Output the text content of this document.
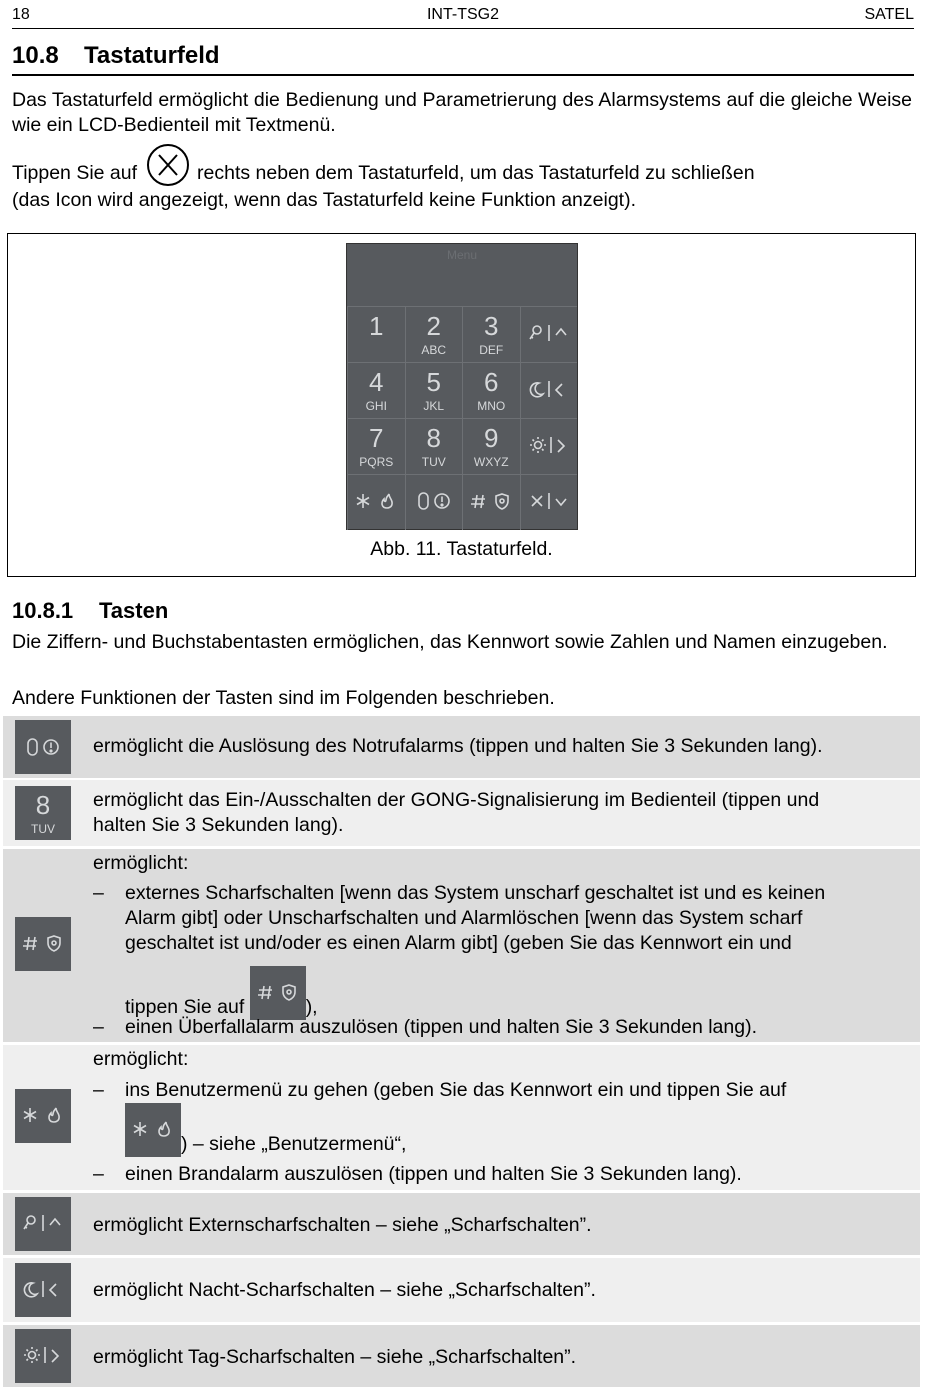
18	INT-TSG2	SATEL
10.8 Tastaturfeld
Das Tastaturfeld ermöglicht die Bedienung und Parametrierung des Alarmsystems auf die gleiche Weise wie ein LCD-Bedienteil mit Textmenü.
Tippen Sie auf	rechts neben dem Tastaturfeld, um das Tastaturfeld zu schließen
(das Icon wird angezeigt, wenn das Tastaturfeld keine Funktion anzeigt).
Menu
1	2
ABC
3
DEF
4
GHI
5
JKL
6
MNO
7
PQRS
8
TUV
9
WXYZ
Abb. 11. Tastaturfeld.
10.8.1 Tasten
Die Ziffern- und Buchstabentasten ermöglichen, das Kennwort sowie Zahlen und Namen einzugeben.
Andere Funktionen der Tasten sind im Folgenden beschrieben.
ermöglicht die Auslösung des Notrufalarms (tippen und halten Sie 3 Sekunden lang).
8
TUV
ermöglicht das Ein-/Ausschalten der GONG-Signalisierung im Bedienteil (tippen und
halten Sie 3 Sekunden lang).
ermöglicht:
– externes Scharfschalten [wenn das System unscharf geschaltet ist und es keinen
Alarm gibt] oder Unscharfschalten und Alarmlöschen [wenn das System scharf
geschaltet ist und/oder es einen Alarm gibt] (geben Sie das Kennwort ein und
tippen Sie auf	),
– einen Überfallalarm auszulösen (tippen und halten Sie 3 Sekunden lang).
ermöglicht:
– ins Benutzermenü zu gehen (geben Sie das Kennwort ein und tippen Sie auf
) – siehe „Benutzermenü“,
– einen Brandalarm auszulösen (tippen und halten Sie 3 Sekunden lang).
ermöglicht Externscharfschalten – siehe „Scharfschalten”.
ermöglicht Nacht-Scharfschalten – siehe „Scharfschalten”.
ermöglicht Tag-Scharfschalten – siehe „Scharfschalten”.
